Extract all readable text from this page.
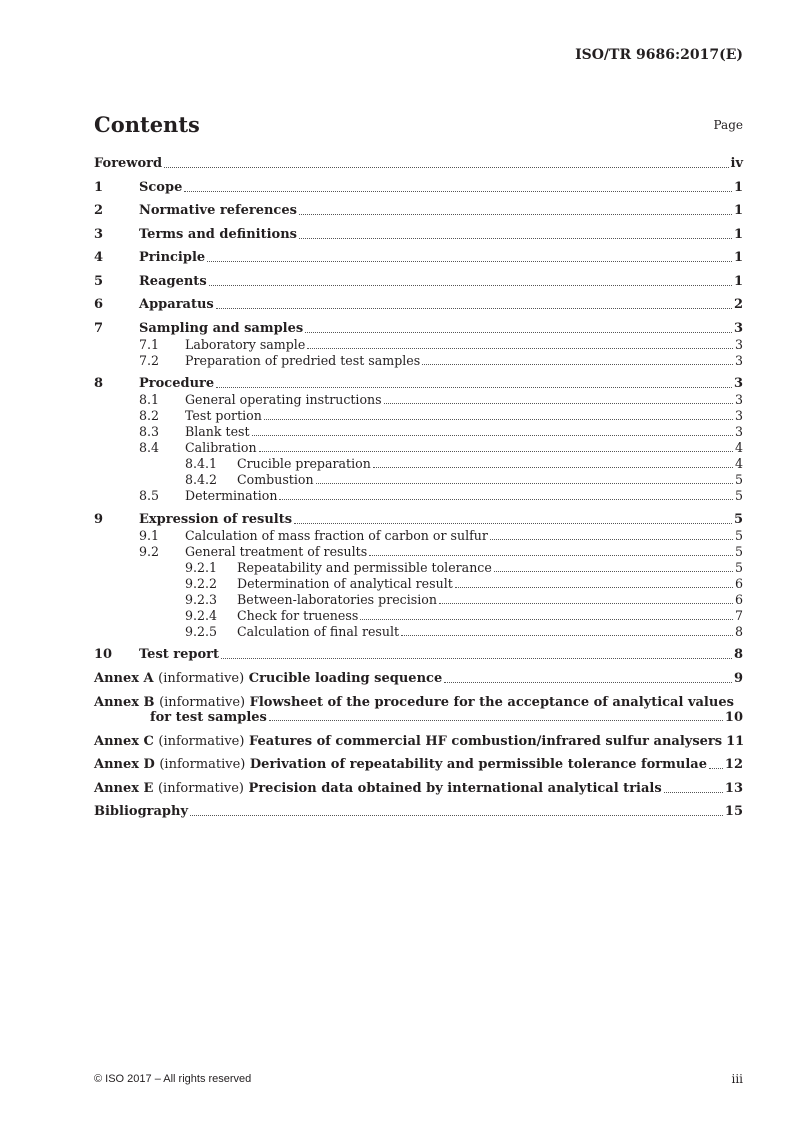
ISO/TR 9686:2017(E)
Contents	Page
Foreword	iv
1	Scope	1
2	Normative references	1
3	Terms and definitions	1
4	Principle	1
5	Reagents	1
6	Apparatus	2
7	Sampling and samples	3
7.1	Laboratory sample	3
7.2	Preparation of predried test samples	3
8	Procedure	3
8.1	General operating instructions	3
8.2	Test portion	3
8.3	Blank test	3
8.4	Calibration	4
8.4.1	Crucible preparation	4
8.4.2	Combustion	5
8.5	Determination	5
9	Expression of results	5
9.1	Calculation of mass fraction of carbon or sulfur	5
9.2	General treatment of results	5
9.2.1	Repeatability and permissible tolerance	5
9.2.2	Determination of analytical result	6
9.2.3	Between-laboratories precision	6
9.2.4	Check for trueness	7
9.2.5	Calculation of final result	8
10	Test report	8
Annex A (informative) Crucible loading sequence	9
Annex B (informative) Flowsheet of the procedure for the acceptance of analytical values
for test samples	10
Annex C (informative) Features of commercial HF combustion/infrared sulfur analysers 11
Annex D (informative) Derivation of repeatability and permissible tolerance formulae 12
Annex E (informative) Precision data obtained by international analytical trials	13
Bibliography	15
© ISO 2017 – All rights reserved	iii
